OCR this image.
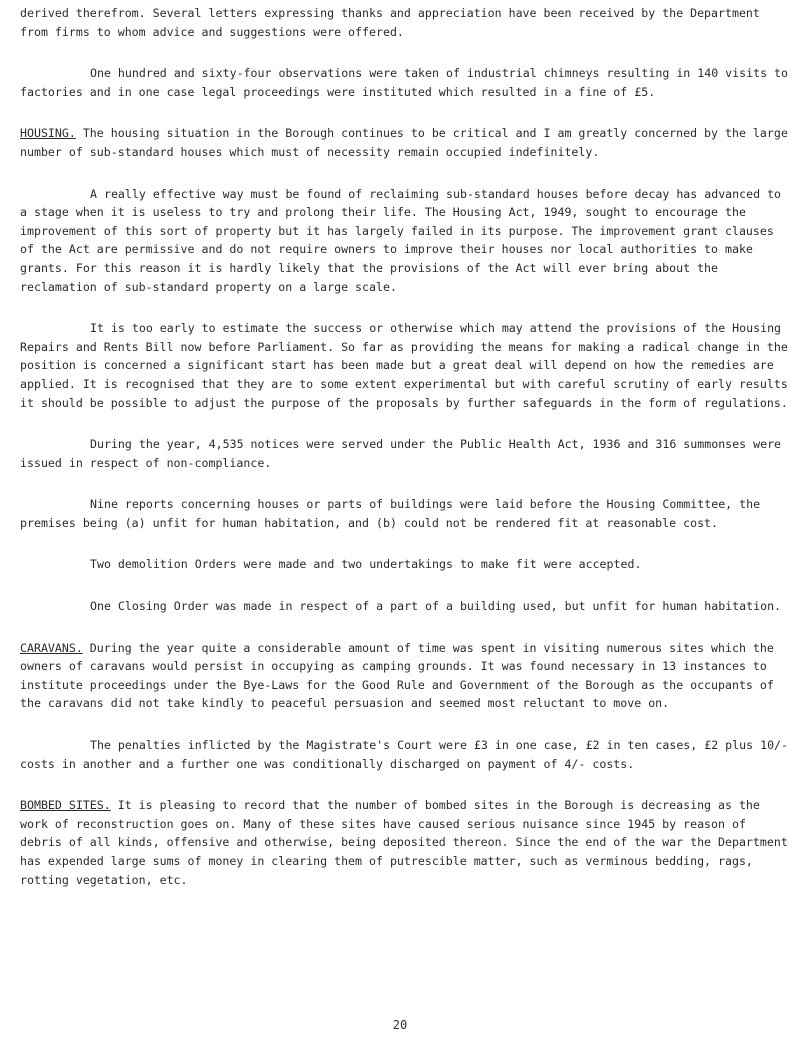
derived therefrom. Several letters expressing thanks and appreciation have been received by the Department from firms to whom advice and suggestions were offered.

One hundred and sixty-four observations were taken of industrial chimneys resulting in 140 visits to factories and in one case legal proceedings were instituted which resulted in a fine of £5.

HOUSING. The housing situation in the Borough continues to be critical and I am greatly concerned by the large number of sub-standard houses which must of necessity remain occupied indefinitely.

A really effective way must be found of reclaiming sub-standard houses before decay has advanced to a stage when it is useless to try and prolong their life. The Housing Act, 1949, sought to encourage the improvement of this sort of property but it has largely failed in its purpose. The improvement grant clauses of the Act are permissive and do not require owners to improve their houses nor local authorities to make grants. For this reason it is hardly likely that the provisions of the Act will ever bring about the reclamation of sub-standard property on a large scale.

It is too early to estimate the success or otherwise which may attend the provisions of the Housing Repairs and Rents Bill now before Parliament. So far as providing the means for making a radical change in the position is concerned a significant start has been made but a great deal will depend on how the remedies are applied. It is recognised that they are to some extent experimental but with careful scrutiny of early results it should be possible to adjust the purpose of the proposals by further safeguards in the form of regulations.

During the year, 4,535 notices were served under the Public Health Act, 1936 and 316 summonses were issued in respect of non-compliance.

Nine reports concerning houses or parts of buildings were laid before the Housing Committee, the premises being (a) unfit for human habitation, and (b) could not be rendered fit at reasonable cost.

Two demolition Orders were made and two undertakings to make fit were accepted.

One Closing Order was made in respect of a part of a building used, but unfit for human habitation.

CARAVANS. During the year quite a considerable amount of time was spent in visiting numerous sites which the owners of caravans would persist in occupying as camping grounds. It was found necessary in 13 instances to institute proceedings under the Bye-Laws for the Good Rule and Government of the Borough as the occupants of the caravans did not take kindly to peaceful persuasion and seemed most reluctant to move on.

The penalties inflicted by the Magistrate's Court were £3 in one case, £2 in ten cases, £2 plus 10/- costs in another and a further one was conditionally discharged on payment of 4/- costs.

BOMBED SITES. It is pleasing to record that the number of bombed sites in the Borough is decreasing as the work of reconstruction goes on. Many of these sites have caused serious nuisance since 1945 by reason of debris of all kinds, offensive and otherwise, being deposited thereon. Since the end of the war the Department has expended large sums of money in clearing them of putrescible matter, such as verminous bedding, rags, rotting vegetation, etc.

20
